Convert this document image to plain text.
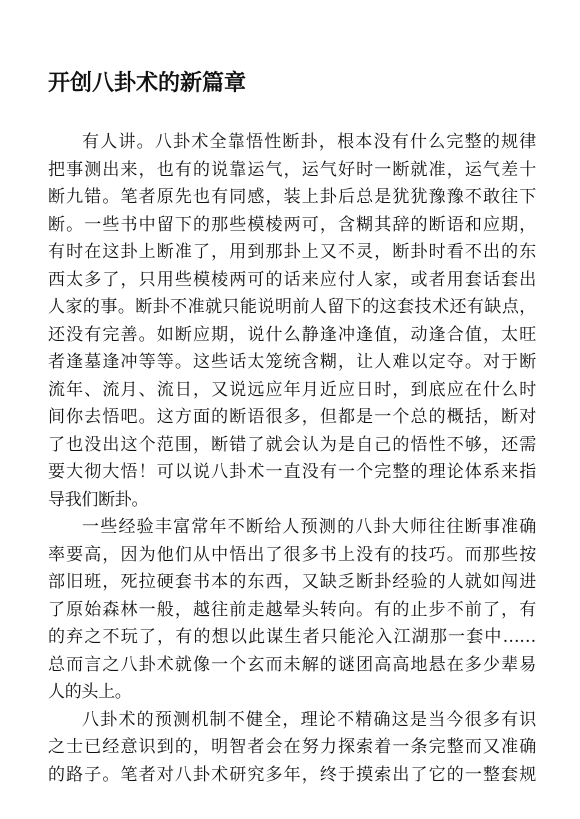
开创八卦术的新篇章
有人讲。八卦术全靠悟性断卦，根本没有什么完整的规律
把事测出来，也有的说靠运气，运气好时一断就准，运气差十
断九错。笔者原先也有同感，装上卦后总是犹犹豫豫不敢往下
断。一些书中留下的那些模棱两可，含糊其辞的断语和应期，
有时在这卦上断准了，用到那卦上又不灵，断卦时看不出的东
西太多了，只用些模棱两可的话来应付人家，或者用套话套出
人家的事。断卦不准就只能说明前人留下的这套技术还有缺点，
还没有完善。如断应期，说什么静逢冲逢值，动逢合值，太旺
者逢墓逢冲等等。这些话太笼统含糊，让人难以定夺。对于断
流年、流月、流日，又说远应年月近应日时，到底应在什么时
间你去悟吧。这方面的断语很多，但都是一个总的概括，断对
了也没出这个范围，断错了就会认为是自己的悟性不够，还需
要大彻大悟！可以说八卦术一直没有一个完整的理论体系来指
导我们断卦。
一些经验丰富常年不断给人预测的八卦大师往往断事准确
率要高，因为他们从中悟出了很多书上没有的技巧。而那些按
部旧班，死拉硬套书本的东西，又缺乏断卦经验的人就如闯进
了原始森林一般，越往前走越晕头转向。有的止步不前了，有
的弃之不玩了，有的想以此谋生者只能沦入江湖那一套中……
总而言之八卦术就像一个玄而未解的谜团高高地悬在多少辈易
人的头上。
八卦术的预测机制不健全，理论不精确这是当今很多有识
之士已经意识到的，明智者会在努力探索着一条完整而又准确
的路子。笔者对八卦术研究多年，终于摸索出了它的一整套规
